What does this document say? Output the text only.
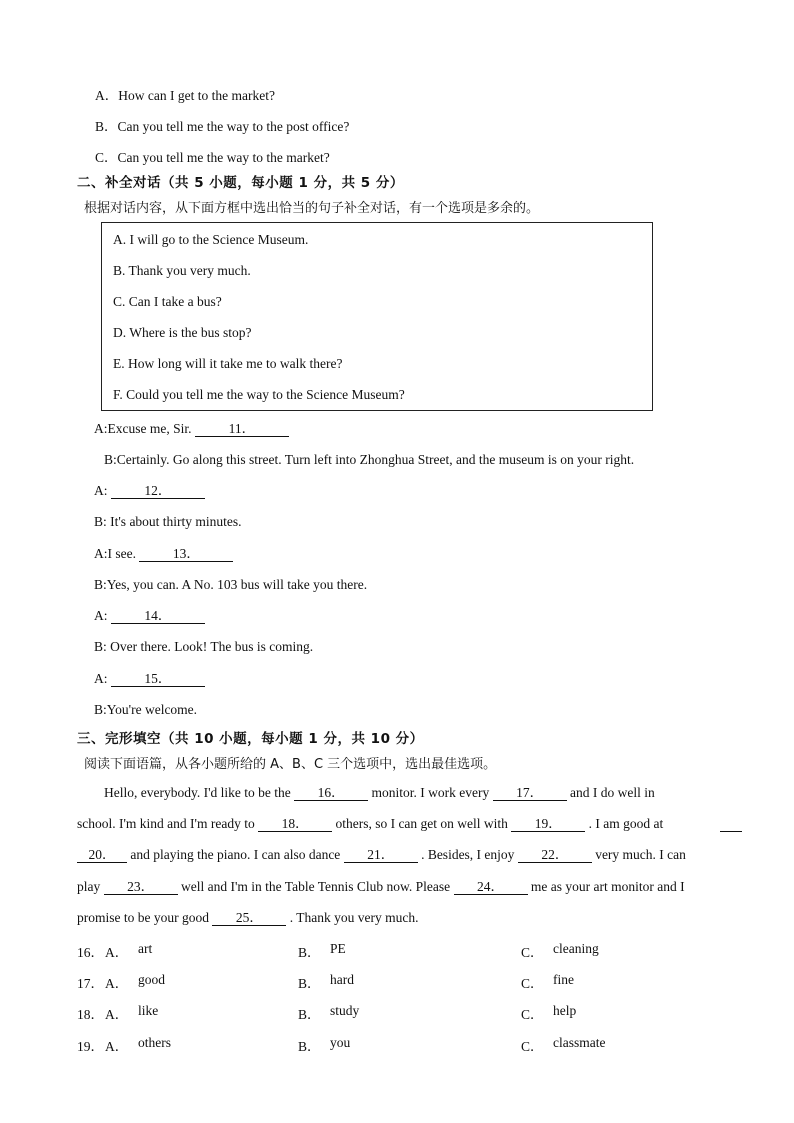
A．How can I get to the market?
B．Can you tell me the way to the post office?
C．Can you tell me the way to the market?
二、补全对话（共 5 小题，每小题 1 分，共 5 分）
根据对话内容，从下面方框中选出恰当的句子补全对话，有一个选项是多余的。
A. I will go to the Science Museum.
B. Thank you very much.
C. Can I take a bus?
D. Where is the bus stop?
E. How long will it take me to walk there?
F. Could you tell me the way to the Science Museum?
A:Excuse me, Sir.	11．
B:Certainly. Go along this street. Turn left into Zhonghua Street, and the museum is on your right.
A: 12．
B: It's about thirty minutes.
A:I see. 13．
B:Yes, you can. A No. 103 bus will take you there.
A: 14．
B: Over there. Look! The bus is coming.
A: 15．
B:You're welcome.
三、完形填空（共 10 小题，每小题 1 分，共 10 分）
阅读下面语篇，从各小题所给的 A、B、C 三个选项中，选出最佳选项。
Hello, everybody. I'd like to be the 16． monitor. I work every 17． and I do well in
school. I'm kind and I'm ready to 18． others, so I can get on well with 19． . I am good at

20． and playing the piano. I can also dance 21． . Besides, I enjoy 22． very much. I can
play 23． well and I'm in the Table Tennis Club now. Please 24． me as your art monitor and I
promise to be your good 25． . Thank you very much.
16． A． art	B． PE	C． cleaning
17． A． good	B． hard	C． fine
18． A． like	B． study	C． help
19． A． others	B． you	C． classmate
